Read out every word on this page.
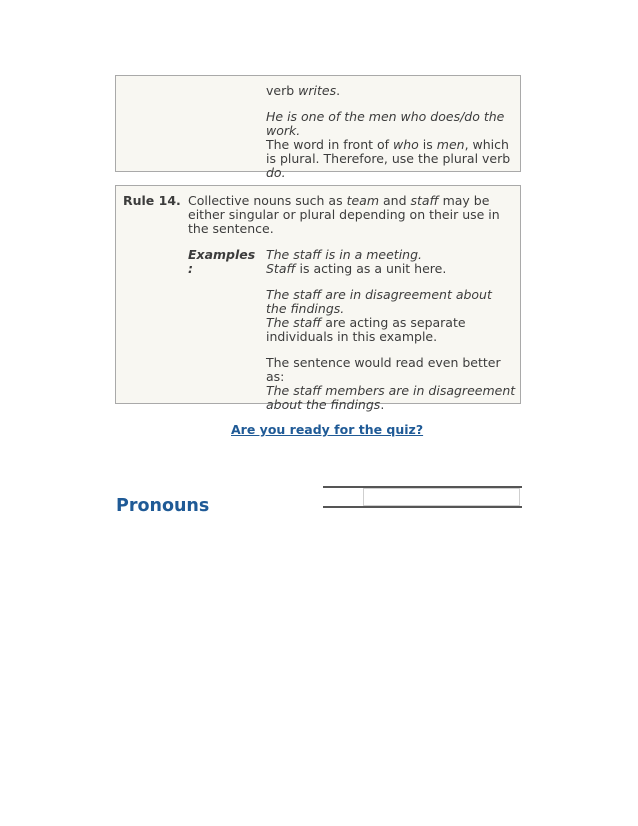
verb writes.

He is one of the men who does/do the work.

The word in front of who is men, which is plural. Therefore, use the plural verb do.

Rule 14. Collective nouns such as team and staff may be either singular or plural depending on their use in the sentence.

Examples :

The staff is in a meeting.
Staff is acting as a unit here.

The staff are in disagreement about the findings.
The staff are acting as separate individuals in this example.

The sentence would read even better as:
The staff members are in disagreement about the findings.

Are you ready for the quiz?
Pronouns
